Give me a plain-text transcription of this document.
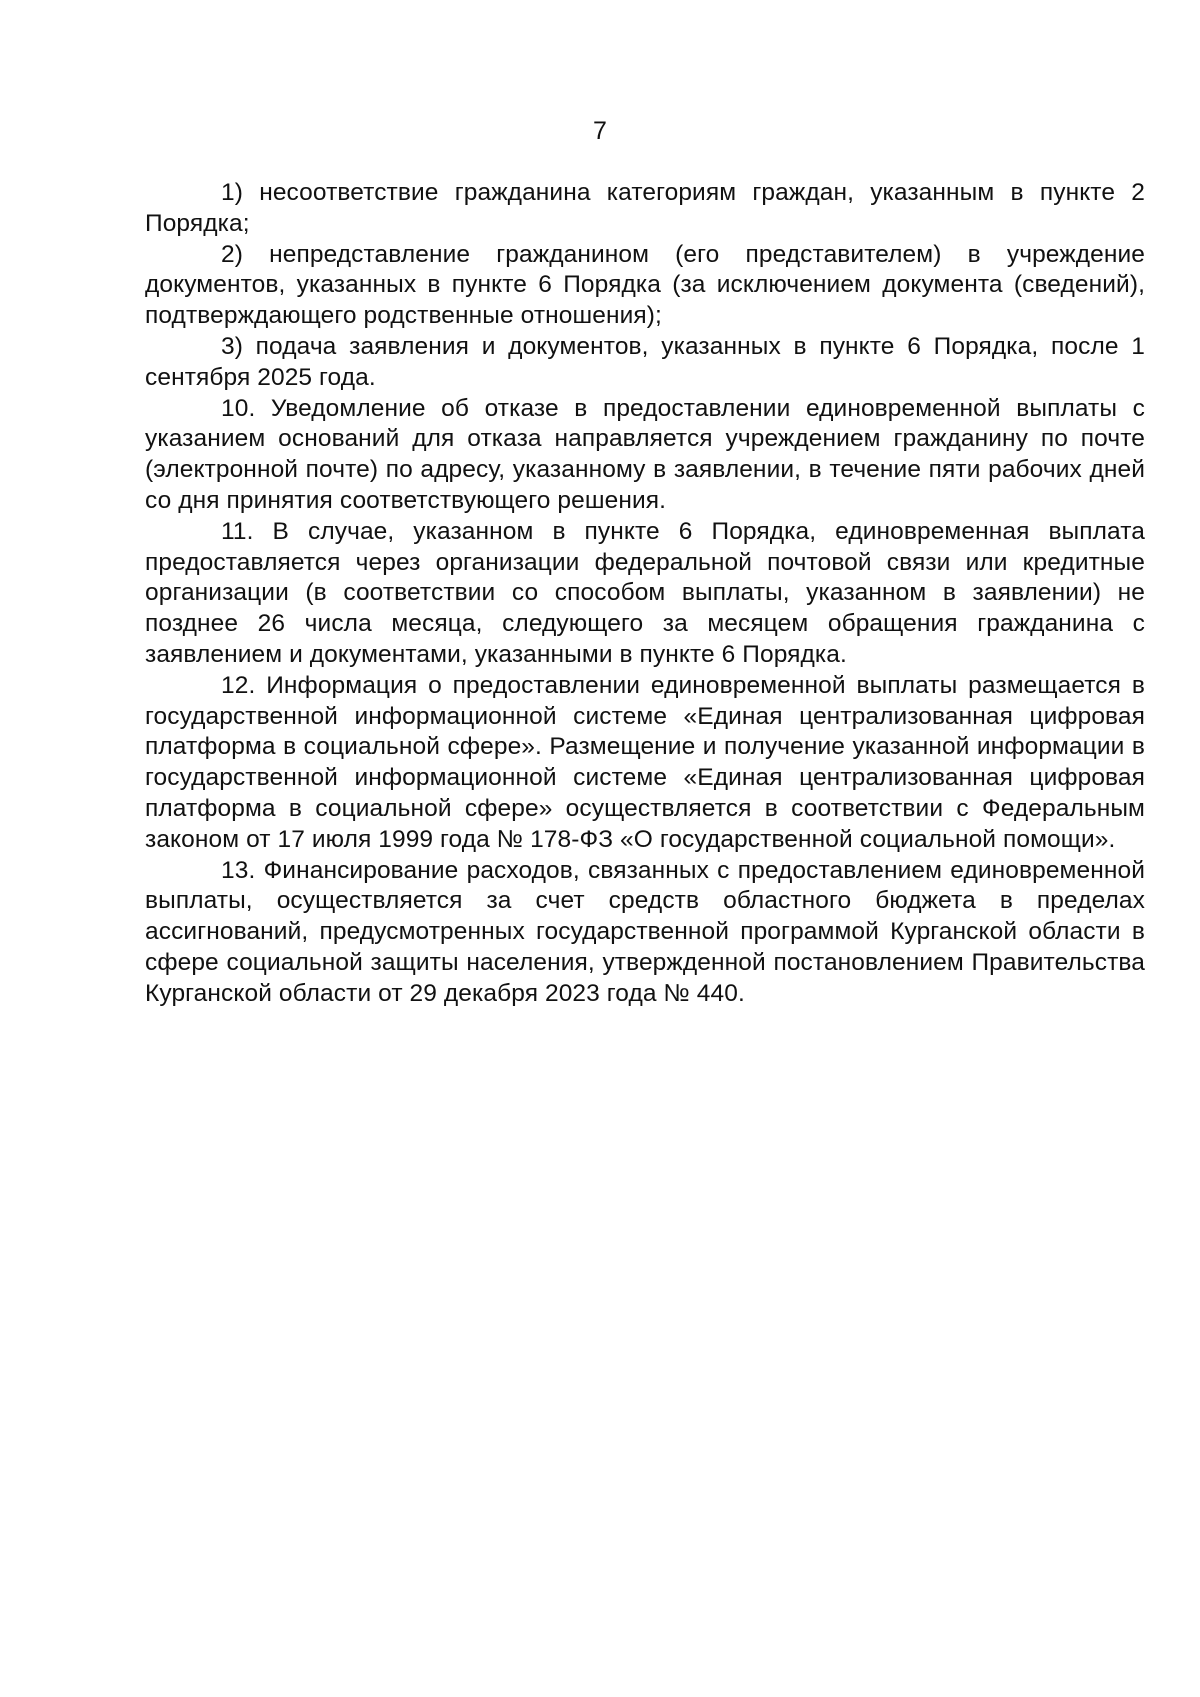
7

1) несоответствие гражданина категориям граждан, указанным в пункте 2 Порядка;

2) непредставление гражданином (его представителем) в учреждение документов, указанных в пункте 6 Порядка (за исключением документа (сведений), подтверждающего родственные отношения);

3) подача заявления и документов, указанных в пункте 6 Порядка, после 1 сентября 2025 года.

10. Уведомление об отказе в предоставлении единовременной выплаты с указанием оснований для отказа направляется учреждением гражданину по почте (электронной почте) по адресу, указанному в заявлении, в течение пяти рабочих дней со дня принятия соответствующего решения.

11. В случае, указанном в пункте 6 Порядка, единовременная выплата предоставляется через организации федеральной почтовой связи или кредитные организации (в соответствии со способом выплаты, указанном в заявлении) не позднее 26 числа месяца, следующего за месяцем обращения гражданина с заявлением и документами, указанными в пункте 6 Порядка.

12. Информация о предоставлении единовременной выплаты размещается в государственной информационной системе «Единая централизованная цифровая платформа в социальной сфере». Размещение и получение указанной информации в государственной информационной системе «Единая централизованная цифровая платформа в социальной сфере» осуществляется в соответствии с Федеральным законом от 17 июля 1999 года № 178-ФЗ «О государственной социальной помощи».

13. Финансирование расходов, связанных с предоставлением единовременной выплаты, осуществляется за счет средств областного бюджета в пределах ассигнований, предусмотренных государственной программой Курганской области в сфере социальной защиты населения, утвержденной постановлением Правительства Курганской области от 29 декабря 2023 года № 440.
